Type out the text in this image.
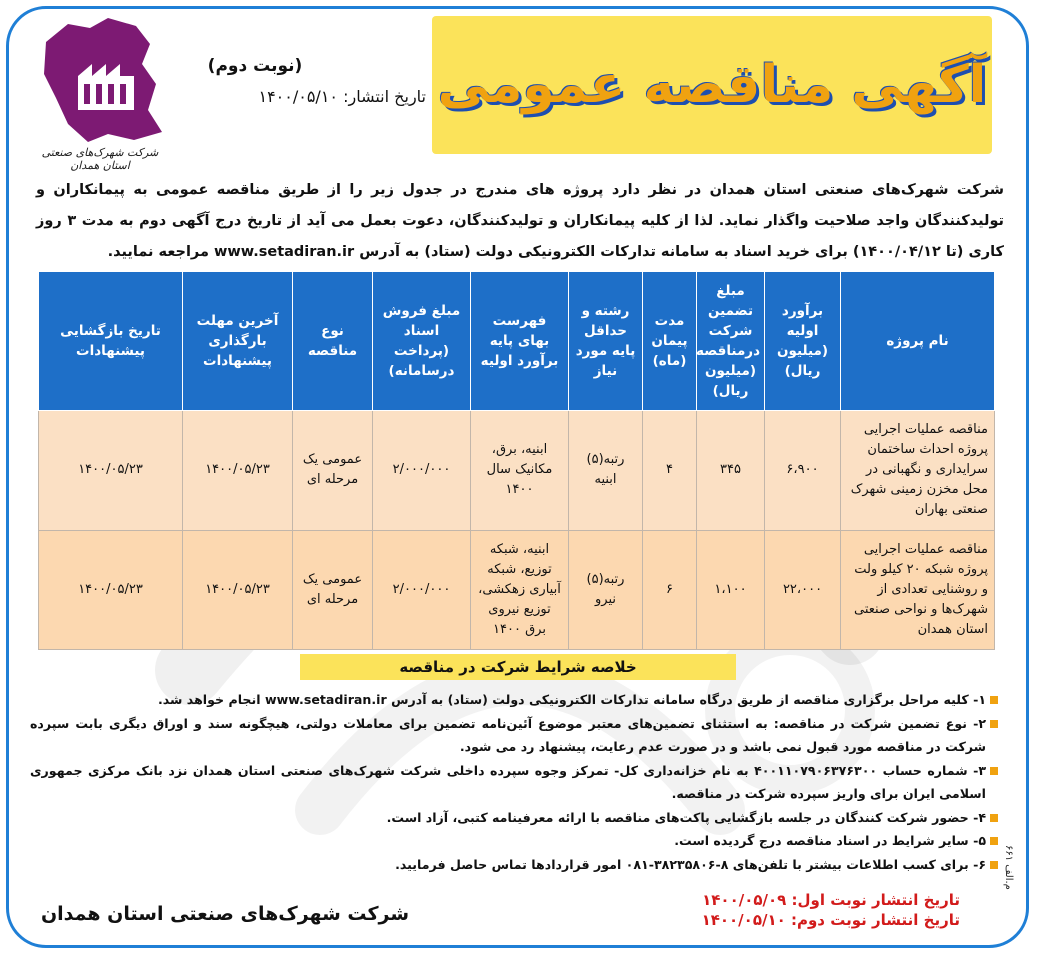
آگهی مناقصه عمومی
شرکت شهرک‌های صنعتی استان همدان
(نوبت دوم)
تاریخ انتشار: ۱۴۰۰/۰۵/۱۰
شرکت شهرک‌های صنعتی استان همدان در نظر دارد پروژه های مندرج در جدول زیر را از طریق مناقصه عمومی به پیمانکاران و تولیدکنندگان واجد صلاحیت واگذار نماید. لذا از کلیه پیمانکاران و تولیدکنندگان، دعوت بعمل می آید از تاریخ درج آگهی دوم به مدت ۳ روز کاری (تا ۱۴۰۰/۰۴/۱۲) برای خرید اسناد به سامانه تدارکات الکترونیکی دولت (ستاد) به آدرس www.setadiran.ir مراجعه نمایید.
نام پروژه	برآورد اولیه (میلیون ریال)	مبلغ تضمین شرکت درمناقصه (میلیون ریال)	مدت پیمان (ماه)	رشته و حداقل پایه مورد نیاز	فهرست بهای پایه برآورد اولیه	مبلغ فروش اسناد (پرداخت درسامانه)	نوع مناقصه	آخرین مهلت بارگذاری پیشنهادات	تاریخ بازگشایی پیشنهادات
مناقصه عملیات اجرایی پروژه احداث ساختمان سرایداری و نگهبانی در محل مخزن زمینی شهرک صنعتی بهاران	۶،۹۰۰	۳۴۵	۴	رتبه(۵) ابنیه	ابنیه، برق، مکانیک سال ۱۴۰۰	۲/۰۰۰/۰۰۰	عمومی یک مرحله ای	۱۴۰۰/۰۵/۲۳	۱۴۰۰/۰۵/۲۳
مناقصه عملیات اجرایی پروژه شبکه ۲۰ کیلو ولت و روشنایی تعدادی از شهرک‌ها و نواحی صنعتی استان همدان	۲۲،۰۰۰	۱،۱۰۰	۶	رتبه(۵) نیرو	ابنیه، شبکه توزیع، شبکه آبیاری زهکشی، توزیع نیروی برق ۱۴۰۰	۲/۰۰۰/۰۰۰	عمومی یک مرحله ای	۱۴۰۰/۰۵/۲۳	۱۴۰۰/۰۵/۲۳
خلاصه شرایط شرکت در مناقصه
۱- کلیه مراحل برگزاری مناقصه از طریق درگاه سامانه تدارکات الکترونیکی دولت (ستاد) به آدرس www.setadiran.ir انجام خواهد شد.
۲- نوع تضمین شرکت در مناقصه: به استثنای تضمین‌های معتبر موضوع آئین‌نامه تضمین برای معاملات دولتی، هیچگونه سند و اوراق دیگری بابت سپرده شرکت در مناقصه مورد قبول نمی باشد و در صورت عدم رعایت، پیشنهاد رد می شود.
۳- شماره حساب ۴۰۰۱۱۰۷۹۰۶۳۷۶۳۰۰ به نام خزانه‌داری کل- تمرکز وجوه سپرده داخلی شرکت شهرک‌های صنعتی استان همدان نزد بانک مرکزی جمهوری اسلامی ایران برای واریز سپرده شرکت در مناقصه.
۴- حضور شرکت کنندگان در جلسه بازگشایی پاکت‌های مناقصه با ارائه معرفینامه کتبی، آزاد است.
۵- سایر شرایط در اسناد مناقصه درج گردیده است.
۶- برای کسب اطلاعات بیشتر با تلفن‌های ۸-۳۸۲۳۵۸۰۶-۰۸۱ امور قراردادها تماس حاصل فرمایید.
م.الف ۶۶۱
تاریخ انتشار نوبت اول: ۱۴۰۰/۰۵/۰۹
تاریخ انتشار نوبت دوم: ۱۴۰۰/۰۵/۱۰
شرکت شهرک‌های صنعتی استان همدان
